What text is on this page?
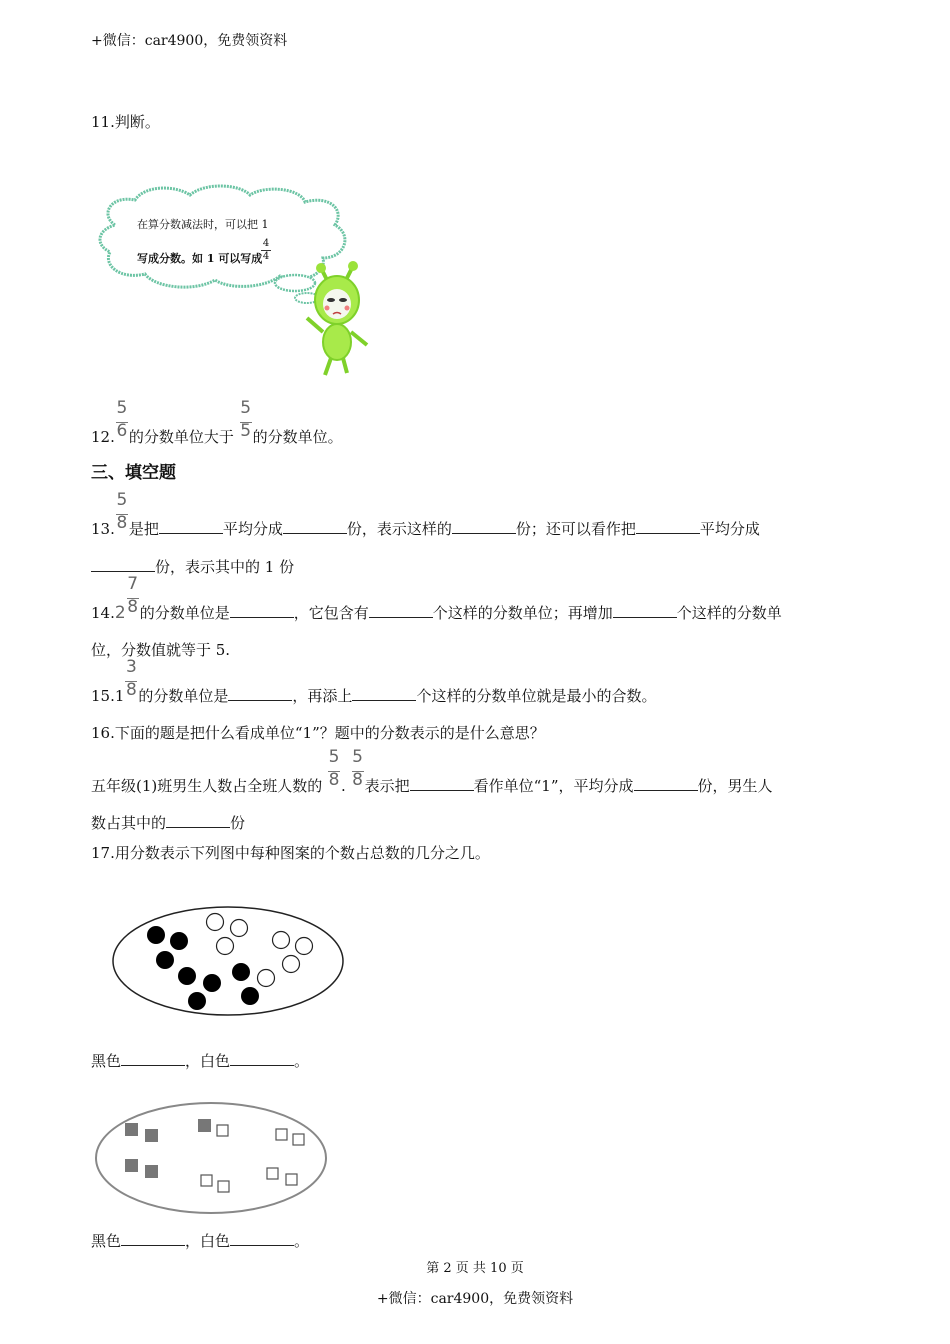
+微信：car4900，免费领资料
11.判断。
在算分数减法时，可以把 1
写成分数。如 1 可以写成
$\frac{4}{4}$
12. $\frac{5}{6}$ 的分数单位大于 $\frac{5}{5}$ 的分数单位。
三、填空题
13. $\frac{5}{8}$ 是把	平均分成	份，表示这样的	份；还可以看作把	平均分成
份，表示其中的 1 份
$14.2 \frac{7}{8}$ 的分数单位是	，它包含有	个这样的分数单位；再增加	个这样的分数单
位，分数值就等于 5.
$15.1 \frac{3}{8}$ 的分数单位是	，再添上	个这样的分数单位就是最小的合数。
16.下面的题是把什么看成单位“1”？题中的分数表示的是什么意思？
五年级(1)班男生人数占全班人数的 $\frac{5}{8}$ . $\frac{5}{8}$ 表示把	看作单位“1”，平均分成	份，男生人
数占其中的	份
17.用分数表示下列图中每种图案的个数占总数的几分之几。
黑色	，白色	。
黑色	，白色	。
第 2 页 共 10 页
+微信：car4900，免费领资料
